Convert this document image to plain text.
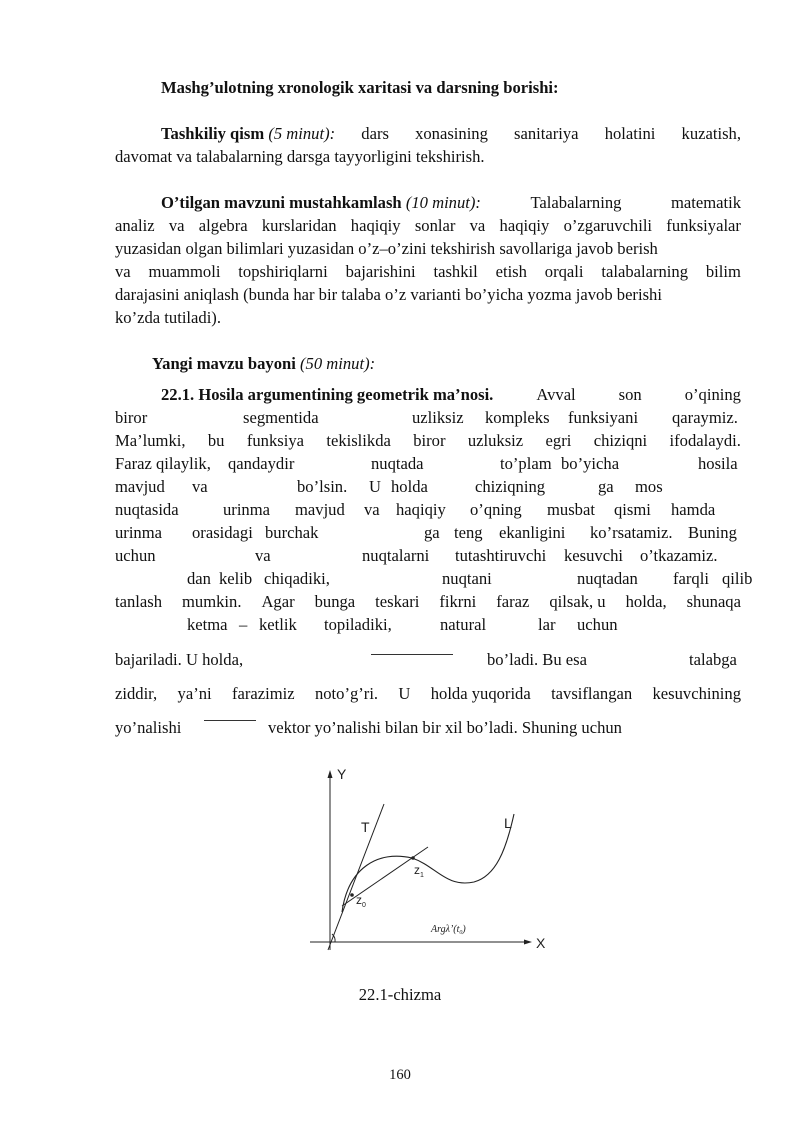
Mashg’ulotning xronologik xaritasi va darsning borishi:
Tashkiliy qism (5 minut): dars xonasining sanitariya holatini kuzatish,
davomat va talabalarning darsga tayyorligini tekshirish.
O’tilgan mavzuni mustahkamlash (10 minut):	Talabalarning	matematik
analiz va algebra kurslaridan haqiqiy sonlar va haqiqiy o’zgaruvchili funksiyalar
yuzasidan olgan bilimlari yuzasidan o’z–o’zini tekshirish savollariga javob berish
va muammoli topshiriqlarni bajarishini tashkil etish orqali talabalarning bilim
darajasini aniqlash (bunda har bir talaba o’z varianti bo’yicha yozma javob berishi
ko’zda tutiladi).
Yangi mavzu bayoni (50 minut):
22.1. Hosila argumentining geometrik ma’nosi.	Avval	son	o’qining
biror	segmentida	uzliksiz kompleks funksiyani qaraymiz.
Ma’lumki, bu funksiya tekislikda biror uzluksiz egri chiziqni ifodalaydi.
Faraz qilaylik, qandaydir	nuqtada	to’plam bo’yicha	hosila
mavjud va	bo’lsin. U holda	chiziqning	ga mos
nuqtasida	urinma mavjud va haqiqiy o’qning musbat qismi hamda
urinma orasidagi burchak	ga teng ekanligini ko’rsatamiz. Buning
uchun	va	nuqtalarni tutashtiruvchi kesuvchi o’tkazamiz.
dan kelib chiqadiki,	nuqtani	nuqtadan farqli qilib
tanlash mumkin. Agar bunga teskari fikrni faraz qilsak, u holda, shunaqa
ketma – ketlik topiladiki,	natural	lar uchun
bajariladi. U holda,	bo’ladi. Bu esa	talabga
ziddir, ya’ni farazimiz noto’g’ri. U holda yuqorida tavsiflangan kesuvchining
yo’nalishi	vektor yo’nalishi bilan bir xil bo’ladi. Shuning uchun
Y
X
T	L
$z_1$
$z_0$
$Arg\lambda’(t_0)$
22.1-chizma
160
